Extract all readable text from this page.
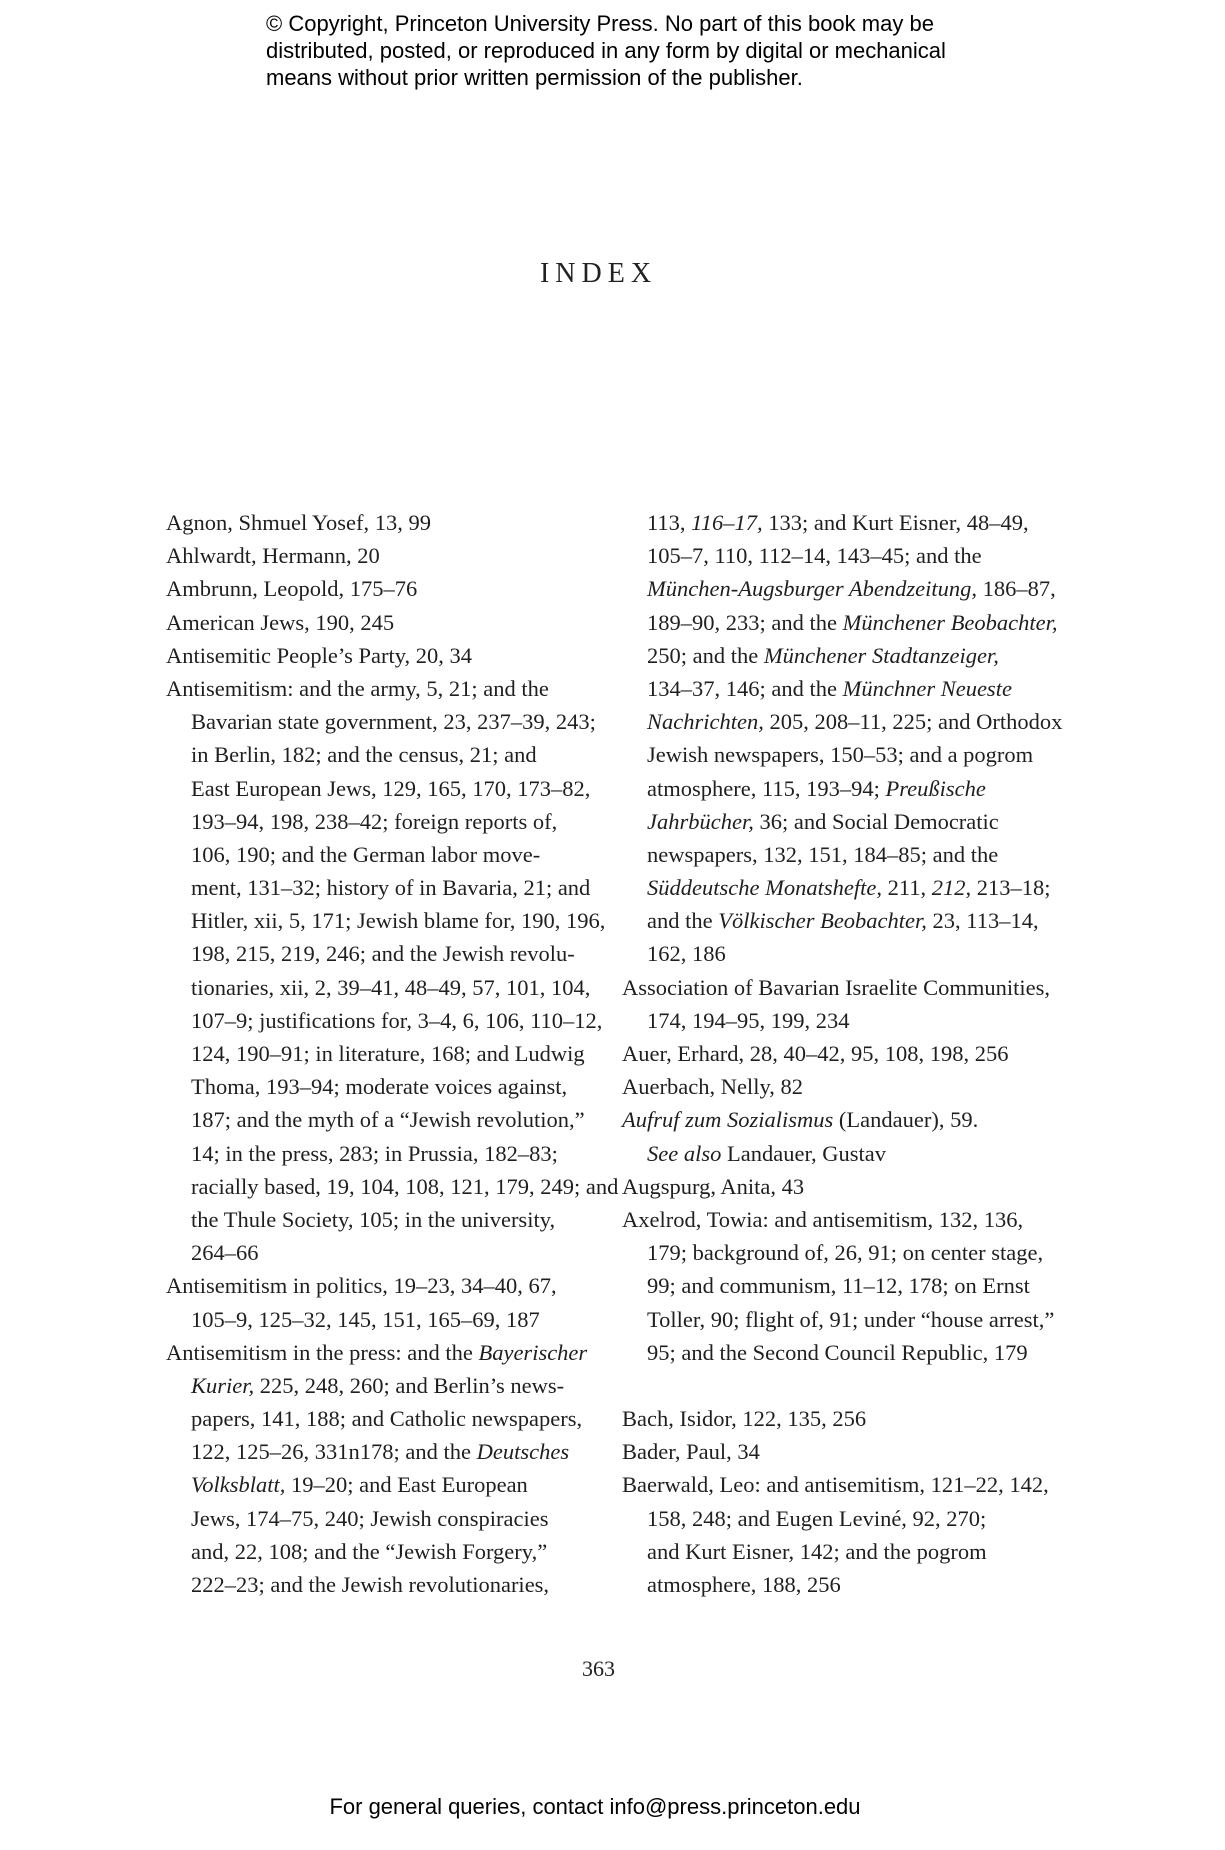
© Copyright, Princeton University Press. No part of this book may be
distributed, posted, or reproduced in any form by digital or mechanical
means without prior written permission of the publisher.
INDEX
Agnon, Shmuel Yosef, 13, 99
Ahlwardt, Hermann, 20
Ambrunn, Leopold, 175–76
American Jews, 190, 245
Antisemitic People’s Party, 20, 34
Antisemitism: and the army, 5, 21; and the
Bavarian state government, 23, 237–39, 243;
in Berlin, 182; and the census, 21; and
East European Jews, 129, 165, 170, 173–82,
193–94, 198, 238–42; foreign reports of,
106, 190; and the German labor move-
ment, 131–32; history of in Bavaria, 21; and
Hitler, xii, 5, 171; Jewish blame for, 190, 196,
198, 215, 219, 246; and the Jewish revolu-
tionaries, xii, 2, 39–41, 48–49, 57, 101, 104,
107–9; justifications for, 3–4, 6, 106, 110–12,
124, 190–91; in literature, 168; and Ludwig
Thoma, 193–94; moderate voices against,
187; and the myth of a “Jewish revolution,”
14; in the press, 283; in Prussia, 182–83;
racially based, 19, 104, 108, 121, 179, 249; and
the Thule Society, 105; in the university,
264–66
Antisemitism in politics, 19–23, 34–40, 67,
105–9, 125–32, 145, 151, 165–69, 187
Antisemitism in the press: and the Bayerischer
Kurier, 225, 248, 260; and Berlin’s news-
papers, 141, 188; and Catholic newspapers,
122, 125–26, 331n178; and the Deutsches
Volksblatt, 19–20; and East European
Jews, 174–75, 240; Jewish conspiracies
and, 22, 108; and the “Jewish Forgery,”
222–23; and the Jewish revolutionaries,
113, 116–17, 133; and Kurt Eisner, 48–49,
105–7, 110, 112–14, 143–45; and the
München-Augsburger Abendzeitung, 186–87,
189–90, 233; and the Münchener Beobachter,
250; and the Münchener Stadtanzeiger,
134–37, 146; and the Münchner Neueste
Nachrichten, 205, 208–11, 225; and Orthodox
Jewish newspapers, 150–53; and a pogrom
atmosphere, 115, 193–94; Preußische
Jahrbücher, 36; and Social Democratic
newspapers, 132, 151, 184–85; and the
Süddeutsche Monatshefte, 211, 212, 213–18;
and the Völkischer Beobachter, 23, 113–14,
162, 186
Association of Bavarian Israelite Communities,
174, 194–95, 199, 234
Auer, Erhard, 28, 40–42, 95, 108, 198, 256
Auerbach, Nelly, 82
Aufruf zum Sozialismus (Landauer), 59.
See also Landauer, Gustav
Augspurg, Anita, 43
Axelrod, Towia: and antisemitism, 132, 136,
179; background of, 26, 91; on center stage,
99; and communism, 11–12, 178; on Ernst
Toller, 90; flight of, 91; under “house arrest,”
95; and the Second Council Republic, 179
Bach, Isidor, 122, 135, 256
Bader, Paul, 34
Baerwald, Leo: and antisemitism, 121–22, 142,
158, 248; and Eugen Leviné, 92, 270;
and Kurt Eisner, 142; and the pogrom
atmosphere, 188, 256
363
For general queries, contact info@press.princeton.edu
